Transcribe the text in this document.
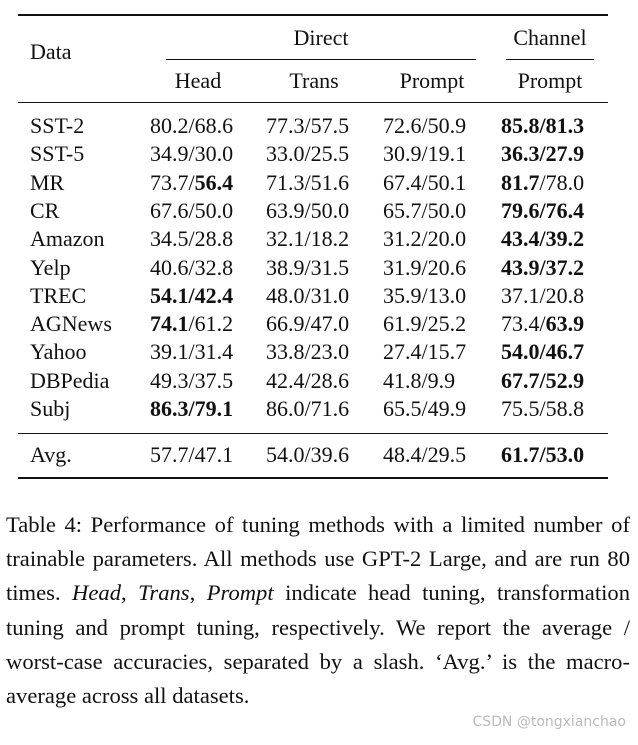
Data
Direct	Channel
Head	Trans	Prompt	Prompt
SST-2	80.2/68.6 77.3/57.5 72.6/50.9 85.8/81.3
SST-5	34.9/30.0 33.0/25.5 30.9/19.1 36.3/27.9
MR	73.7/56.4 71.3/51.6 67.4/50.1 81.7/78.0
CR	67.6/50.0 63.9/50.0 65.7/50.0 79.6/76.4
Amazon 34.5/28.8 32.1/18.2 31.2/20.0 43.4/39.2
Yelp	40.6/32.8 38.9/31.5 31.9/20.6 43.9/37.2
TREC	54.1/42.4 48.0/31.0 35.9/13.0 37.1/20.8
AGNews 74.1/61.2 66.9/47.0 61.9/25.2 73.4/63.9
Yahoo	39.1/31.4 33.8/23.0 27.4/15.7 54.0/46.7
DBPedia 49.3/37.5 42.4/28.6 41.8/9.9 67.7/52.9
Subj	86.3/79.1 86.0/71.6 65.5/49.9 75.5/58.8
Avg.	57.7/47.1 54.0/39.6 48.4/29.5 61.7/53.0
Table 4: Performance of tuning methods with a limited number of trainable parameters. All methods use GPT-2 Large, and are run 80 times. Head, Trans, Prompt indicate head tuning, transformation tuning and prompt tuning, respectively. We report the average / worst-case accuracies, separated by a slash. ‘Avg.’ is the macro-average across all datasets.
CSDN @tongxianchao
